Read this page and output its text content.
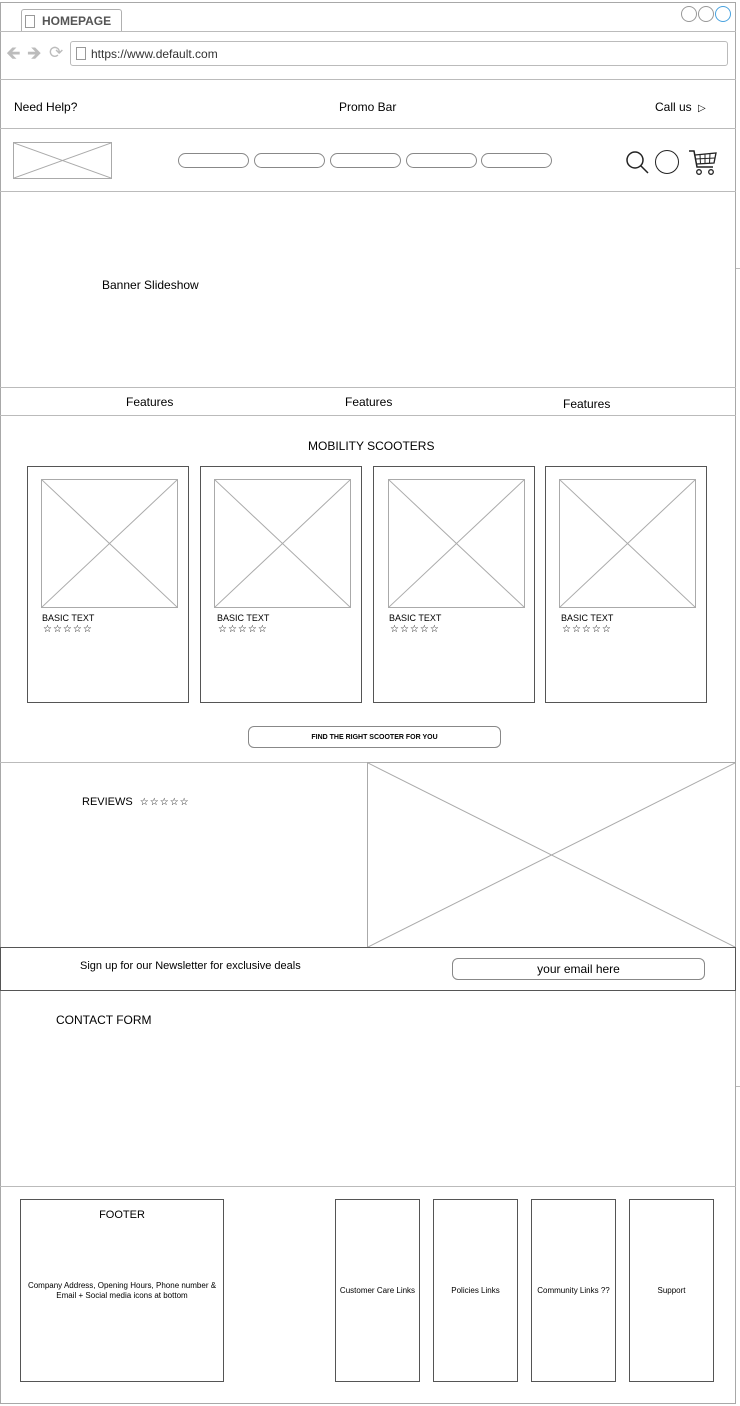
HOMEPAGE
🡸 🡺 ⟳	https://www.default.com
Need Help?	Promo Bar	Call us ▷
Banner Slideshow
Features	Features	Features
MOBILITY SCOOTERS
BASIC TEXT
☆☆☆☆☆
BASIC TEXT
☆☆☆☆☆
BASIC TEXT
☆☆☆☆☆
BASIC TEXT
☆☆☆☆☆
FIND THE RIGHT SCOOTER FOR YOU
REVIEWS ☆☆☆☆☆
Sign up for our Newsletter for exclusive deals	your email here
CONTACT FORM
FOOTER
Company Address, Opening Hours, Phone number & Email + Social media icons at bottom
Customer Care Links	Policies Links	Community Links ??	Support
